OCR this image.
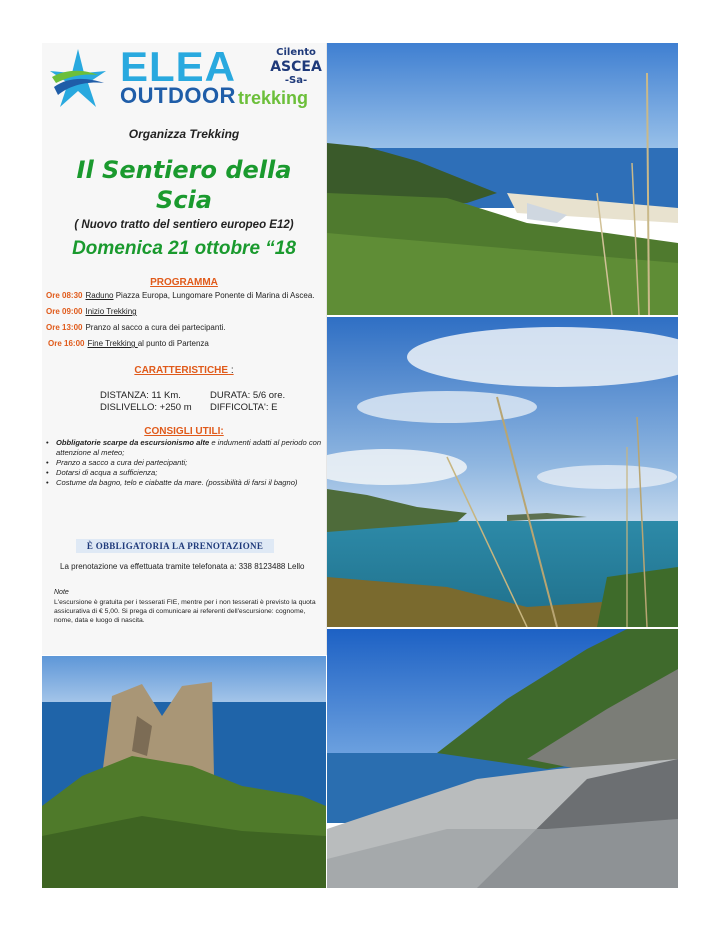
ELEA
OUTDOOR trekking
Cilento
ASCEA
-Sa-
Organizza Trekking
Il Sentiero della
Scia
( Nuovo tratto del sentiero europeo E12)
Domenica 21 ottobre “18
PROGRAMMA
Ore 08:30 Raduno Piazza Europa, Lungomare Ponente di Marina di Ascea.
Ore 09:00 Inizio Trekking
Ore 13:00 Pranzo al sacco a cura dei partecipanti.
Ore 16:00 Fine Trekking al punto di Partenza
CARATTERISTICHE :
DISTANZA: 11 Km.	DURATA: 5/6 ore.
DISLIVELLO: +250 m DIFFICOLTA': E
CONSIGLI UTILI:
• Obbligatorie scarpe da escursionismo alte e indumenti adatti al periodo con attenzione al meteo;
• Pranzo a sacco a cura dei partecipanti;
• Dotarsi di acqua a sufficienza;
• Costume da bagno, telo e ciabatte da mare. (possibilità di farsi il bagno)
È OBBLIGATORIA LA PRENOTAZIONE
La prenotazione va effettuata tramite telefonata a: 338 8123488 Lello
Note
L'escursione è gratuita per i tesserati FIE, mentre per i non tesserati è previsto la quota assicurativa di € 5,00. Si prega di comunicare ai referenti dell'escursione: cognome, nome, data e luogo di nascita.
